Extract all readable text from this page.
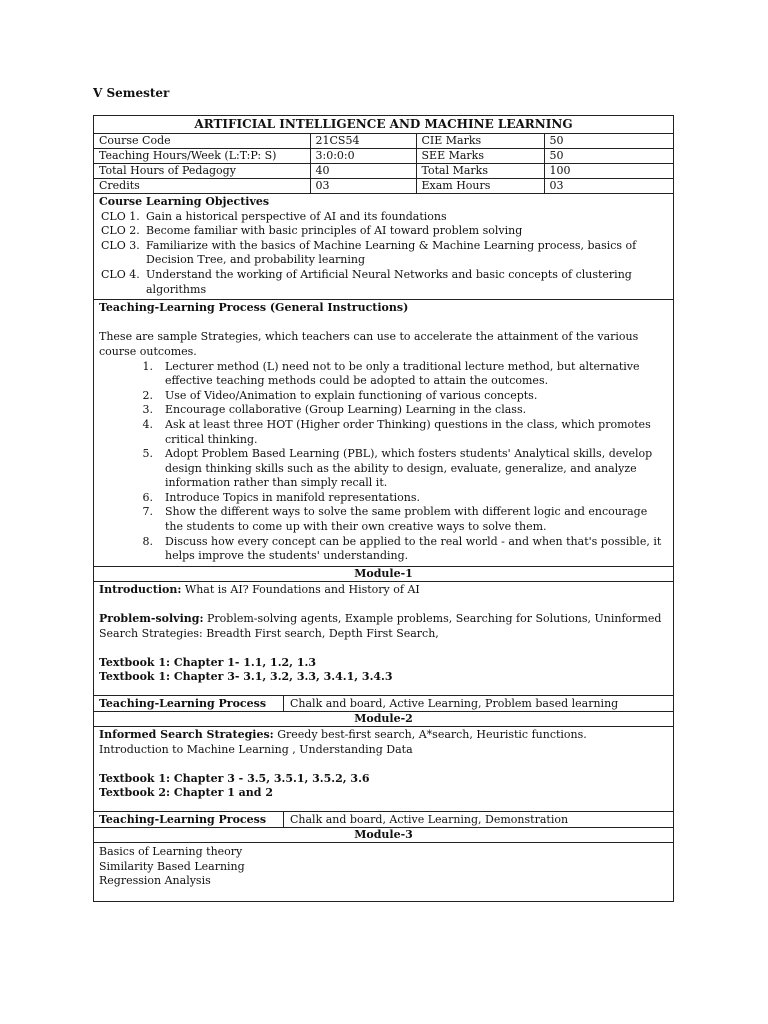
V Semester
ARTIFICIAL INTELLIGENCE AND MACHINE LEARNING
Course Code	21CS54	CIE Marks	50
Teaching Hours/Week (L:T:P: S)	3:0:0:0	SEE Marks	50
Total Hours of Pedagogy	40	Total Marks	100
Credits	03	Exam Hours	03
Course Learning Objectives
CLO 1. Gain a historical perspective of AI and its foundations
CLO 2. Become familiar with basic principles of AI toward problem solving
CLO 3. Familiarize with the basics of Machine Learning & Machine Learning process, basics of Decision Tree, and probability learning
CLO 4. Understand the working of Artificial Neural Networks and basic concepts of clustering algorithms
Teaching-Learning Process (General Instructions)
These are sample Strategies, which teachers can use to accelerate the attainment of the various course outcomes.
1.	Lecturer method (L) need not to be only a traditional lecture method, but alternative effective teaching methods could be adopted to attain the outcomes.
2.	Use of Video/Animation to explain functioning of various concepts.
3.	Encourage collaborative (Group Learning) Learning in the class.
4.	Ask at least three HOT (Higher order Thinking) questions in the class, which promotes critical thinking.
5.	Adopt Problem Based Learning (PBL), which fosters students' Analytical skills, develop design thinking skills such as the ability to design, evaluate, generalize, and analyze information rather than simply recall it.
6.	Introduce Topics in manifold representations.
7.	Show the different ways to solve the same problem with different logic and encourage the students to come up with their own creative ways to solve them.
8.	Discuss how every concept can be applied to the real world - and when that's possible, it helps improve the students' understanding.
Module-1
Introduction: What is AI? Foundations and History of AI
Problem-solving: Problem-solving agents, Example problems, Searching for Solutions, Uninformed Search Strategies: Breadth First search, Depth First Search,
Textbook 1: Chapter 1- 1.1, 1.2, 1.3
Textbook 1: Chapter 3- 3.1, 3.2, 3.3, 3.4.1, 3.4.3
Teaching-Learning Process	Chalk and board, Active Learning, Problem based learning
Module-2
Informed Search Strategies: Greedy best-first search, A*search, Heuristic functions.
Introduction to Machine Learning , Understanding Data
Textbook 1: Chapter 3 - 3.5, 3.5.1, 3.5.2, 3.6
Textbook 2: Chapter 1 and 2
Teaching-Learning Process	Chalk and board, Active Learning, Demonstration
Module-3
Basics of Learning theory
Similarity Based Learning
Regression Analysis
